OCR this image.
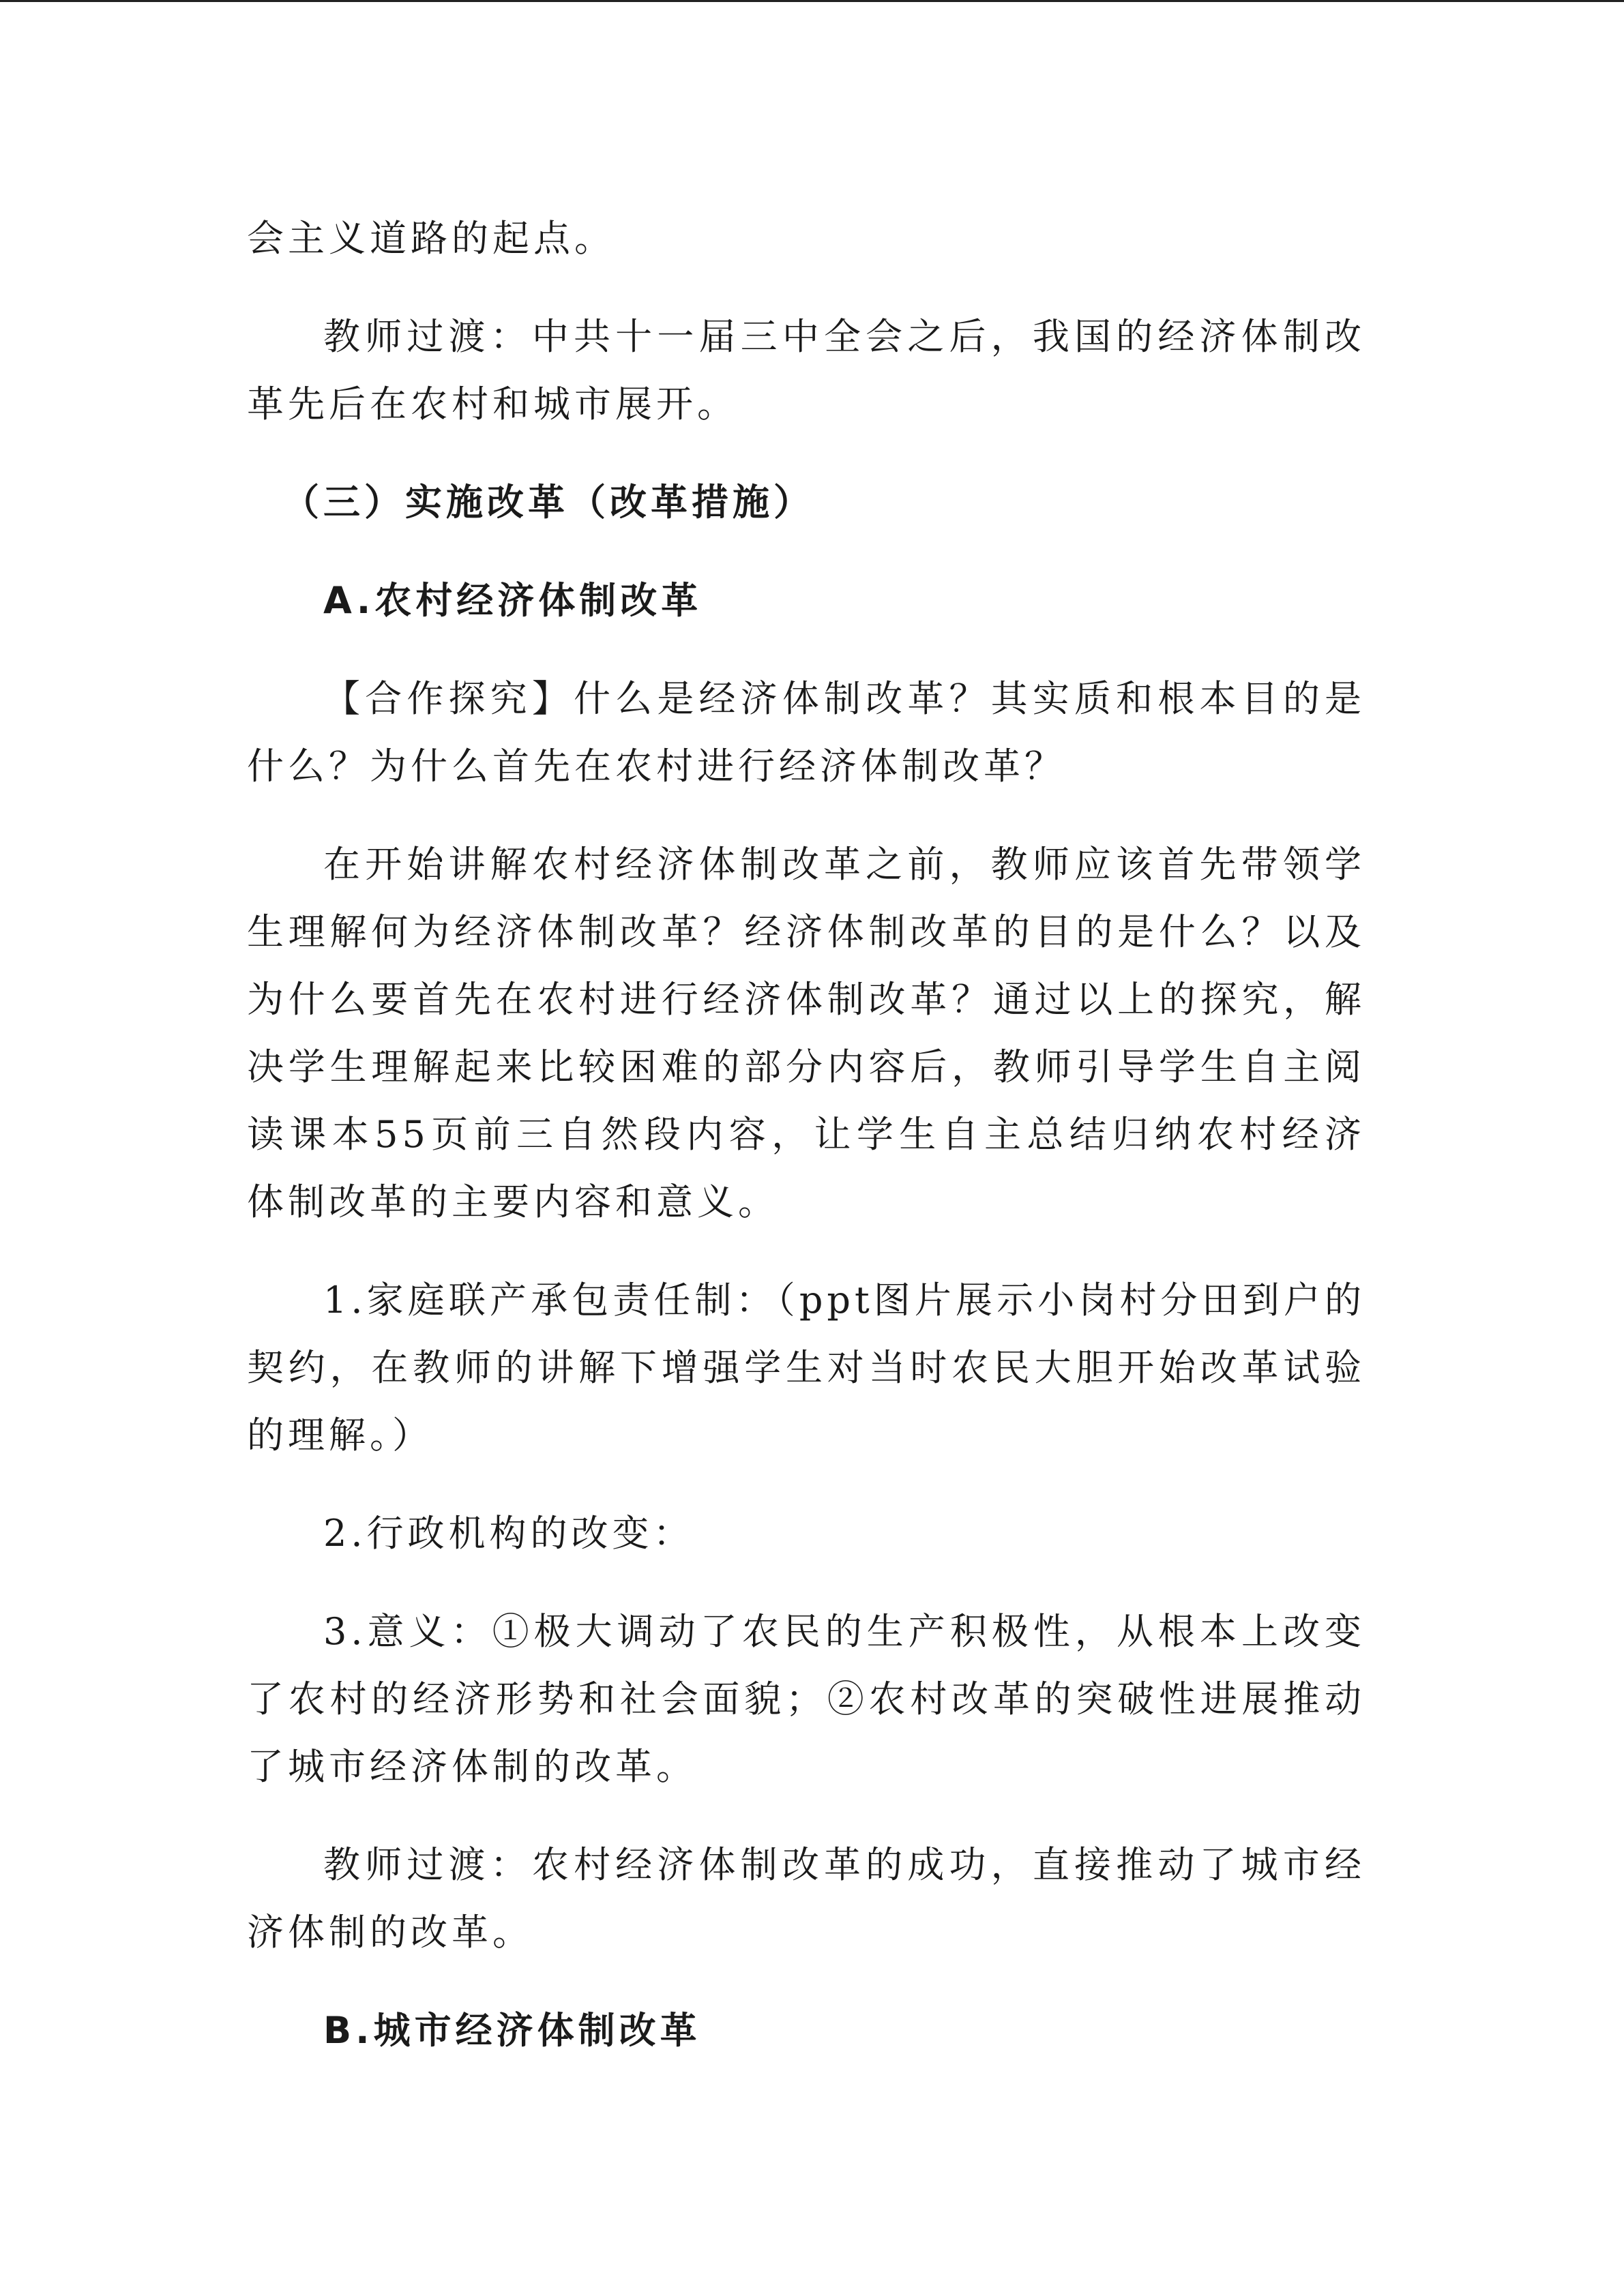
会主义道路的起点。

教师过渡：中共十一届三中全会之后，我国的经济体制改革先后在农村和城市展开。

（三）实施改革（改革措施）

A.农村经济体制改革

【合作探究】什么是经济体制改革？其实质和根本目的是什么？为什么首先在农村进行经济体制改革？

在开始讲解农村经济体制改革之前，教师应该首先带领学生理解何为经济体制改革？经济体制改革的目的是什么？以及为什么要首先在农村进行经济体制改革？通过以上的探究，解决学生理解起来比较困难的部分内容后，教师引导学生自主阅读课本55页前三自然段内容，让学生自主总结归纳农村经济体制改革的主要内容和意义。

1.家庭联产承包责任制：（ppt图片展示小岗村分田到户的契约，在教师的讲解下增强学生对当时农民大胆开始改革试验的理解。）

2.行政机构的改变：

3.意义：①极大调动了农民的生产积极性，从根本上改变了农村的经济形势和社会面貌；②农村改革的突破性进展推动了城市经济体制的改革。

教师过渡：农村经济体制改革的成功，直接推动了城市经济体制的改革。

B.城市经济体制改革
